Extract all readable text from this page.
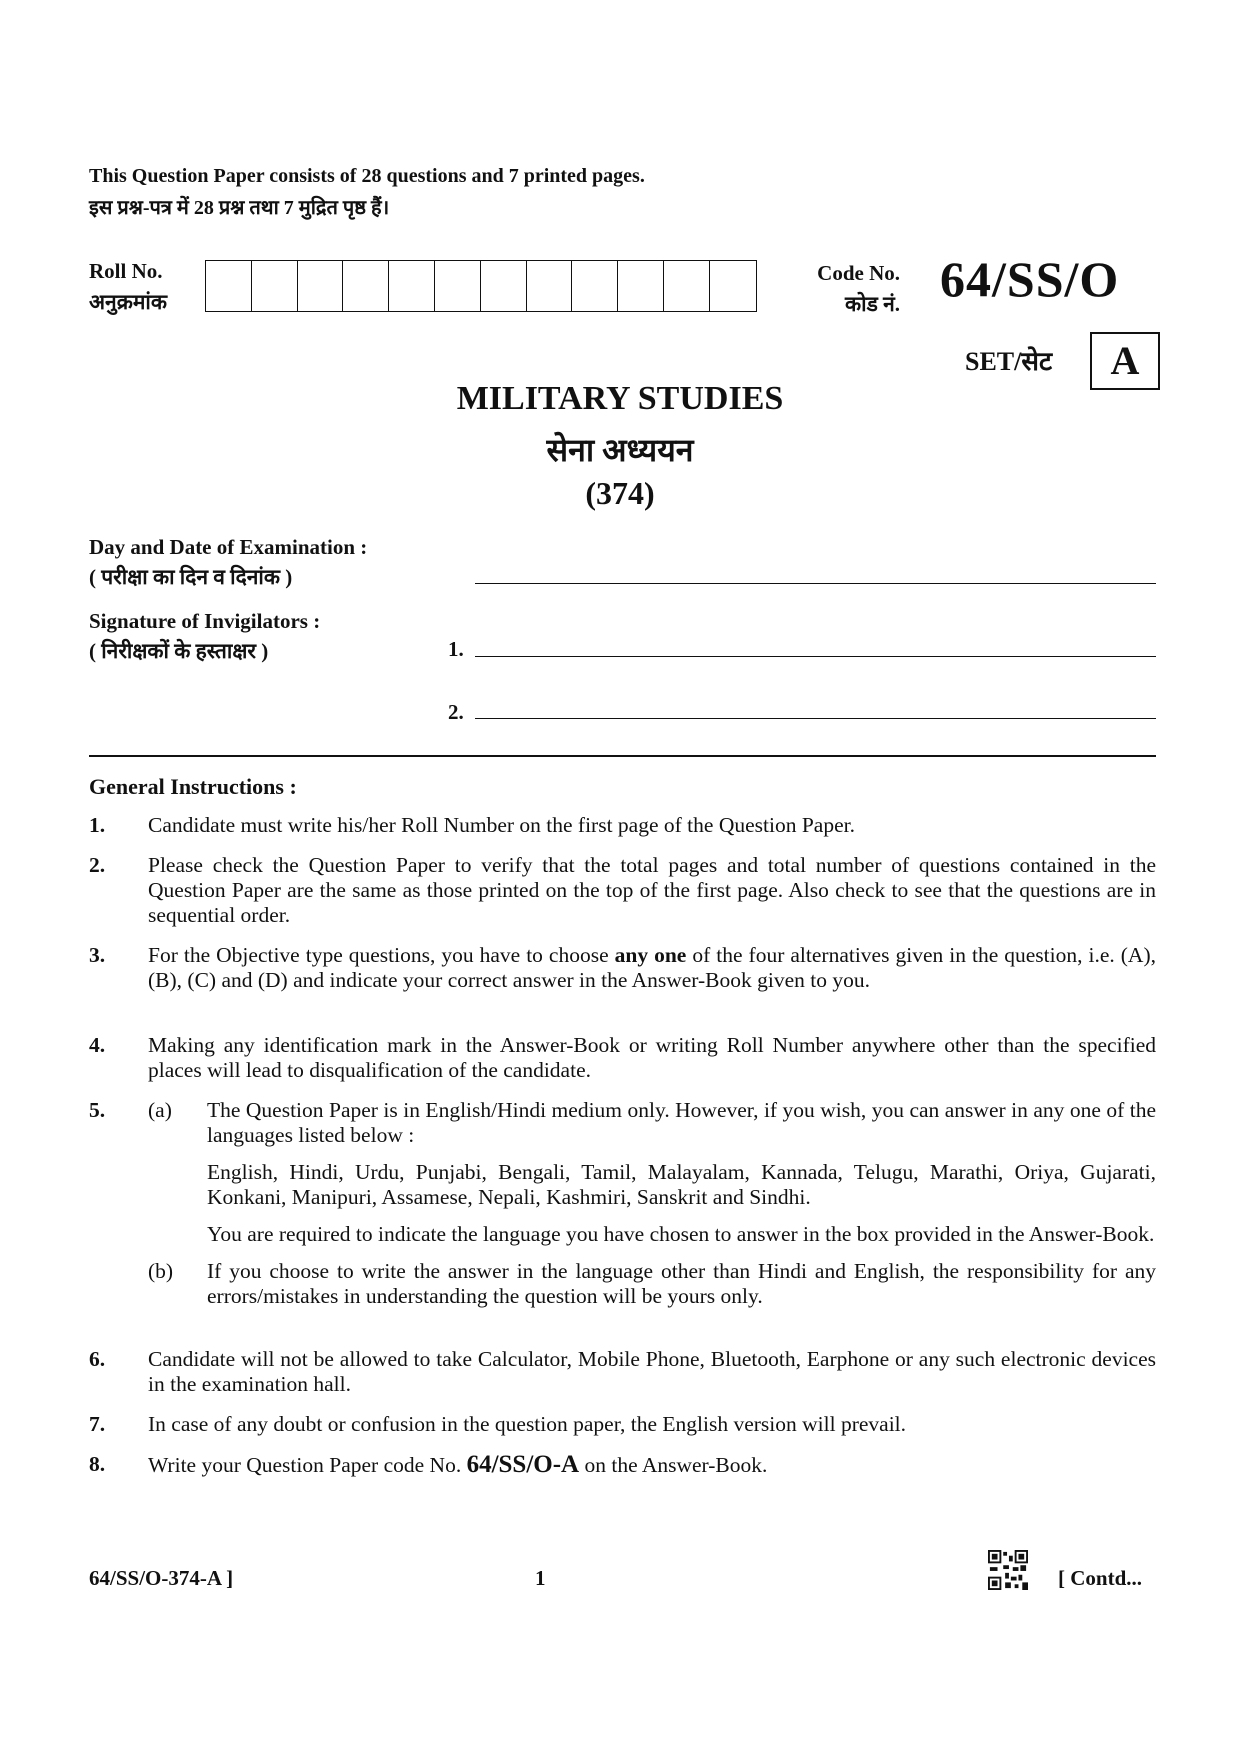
This Question Paper consists of 28 questions and 7 printed pages.
इस प्रश्न-पत्र में 28 प्रश्न तथा 7 मुद्रित पृष्ठ हैं।
Roll No.
अनुक्रमांक
Code No.
कोड नं. 64/SS/O
SET/सेट	A
MILITARY STUDIES
सेना अध्ययन
(374)
Day and Date of Examination :
( परीक्षा का दिन व दिनांक )
Signature of Invigilators :
( निरीक्षकों के हस्ताक्षर )	1.
2.
General Instructions :
1. Candidate must write his/her Roll Number on the first page of the Question Paper.
2. Please check the Question Paper to verify that the total pages and total number of questions contained in the Question Paper are the same as those printed on the top of the first page. Also check to see that the questions are in sequential order.
3. For the Objective type questions, you have to choose any one of the four alternatives given in the question, i.e. (A), (B), (C) and (D) and indicate your correct answer in the Answer-Book given to you.
4. Making any identification mark in the Answer-Book or writing Roll Number anywhere other than the specified places will lead to disqualification of the candidate.
5. (a) The Question Paper is in English/Hindi medium only. However, if you wish, you can answer in any one of the languages listed below :
English, Hindi, Urdu, Punjabi, Bengali, Tamil, Malayalam, Kannada, Telugu, Marathi, Oriya, Gujarati, Konkani, Manipuri, Assamese, Nepali, Kashmiri, Sanskrit and Sindhi.
You are required to indicate the language you have chosen to answer in the box provided in the Answer-Book.
(b) If you choose to write the answer in the language other than Hindi and English, the responsibility for any errors/mistakes in understanding the question will be yours only.
6. Candidate will not be allowed to take Calculator, Mobile Phone, Bluetooth, Earphone or any such electronic devices in the examination hall.
7. In case of any doubt or confusion in the question paper, the English version will prevail.
8. Write your Question Paper code No. 64/SS/O-A on the Answer-Book.
64/SS/O-374-A ]	1	[ Contd...
